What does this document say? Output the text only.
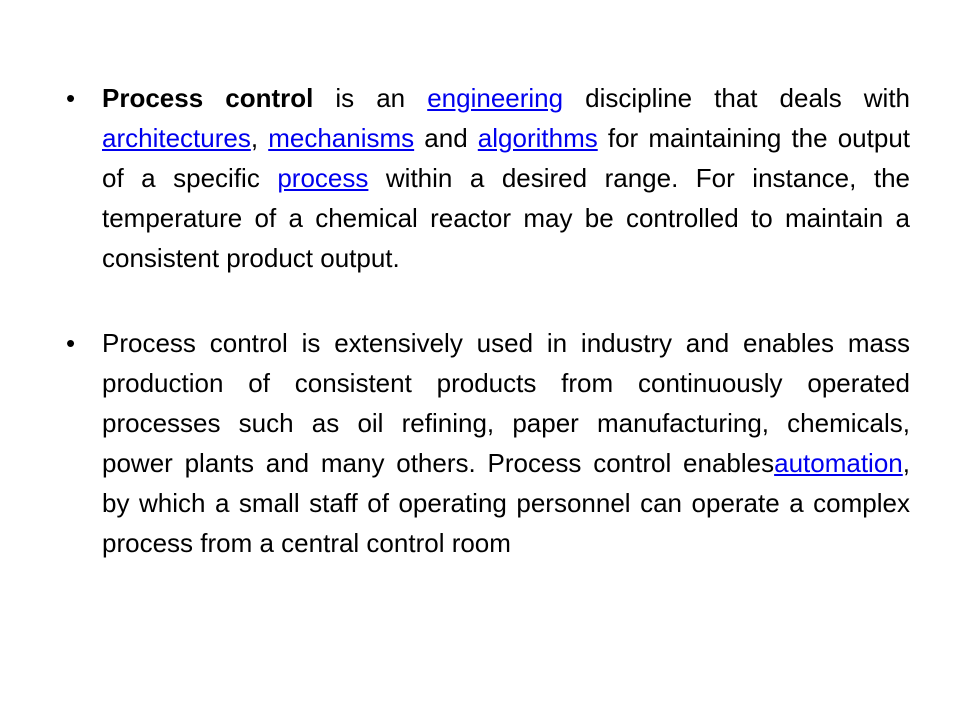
•	Process control is an engineering discipline that deals with architectures, mechanisms and algorithms for maintaining the output of a specific process within a desired range. For instance, the temperature of a chemical reactor may be controlled to maintain a consistent product output.
•	Process control is extensively used in industry and enables mass production of consistent products from continuously operated processes such as oil refining, paper manufacturing, chemicals, power plants and many others. Process control enablesautomation, by which a small staff of operating personnel can operate a complex process from a central control room
